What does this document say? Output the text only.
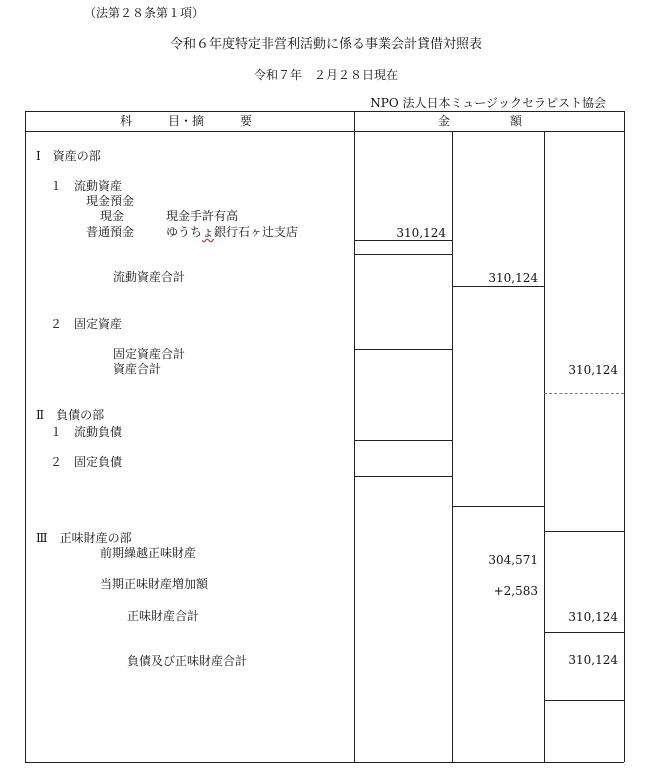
（法第２８条第１項）
令和６年度特定非営利活動に係る事業会計貸借対照表
令和７年　２月２８日現在
NPO 法人日本ミュージックセラピスト協会
科　　　目・摘　　　要	金　　　　　額
Ⅰ　資産の部
１　流動資産
現金預金
現金	現金手許有高
普通預金	ゆうちょ銀行石ヶ辻支店	310,124
流動資産合計	310,124
２　固定資産
固定資産合計
資産合計	310,124
Ⅱ　負債の部
１　流動負債
２　固定負債
Ⅲ　正味財産の部
前期繰越正味財産	304,571
当期正味財産増加額	+2,583
正味財産合計	310,124
負債及び正味財産合計	310,124
